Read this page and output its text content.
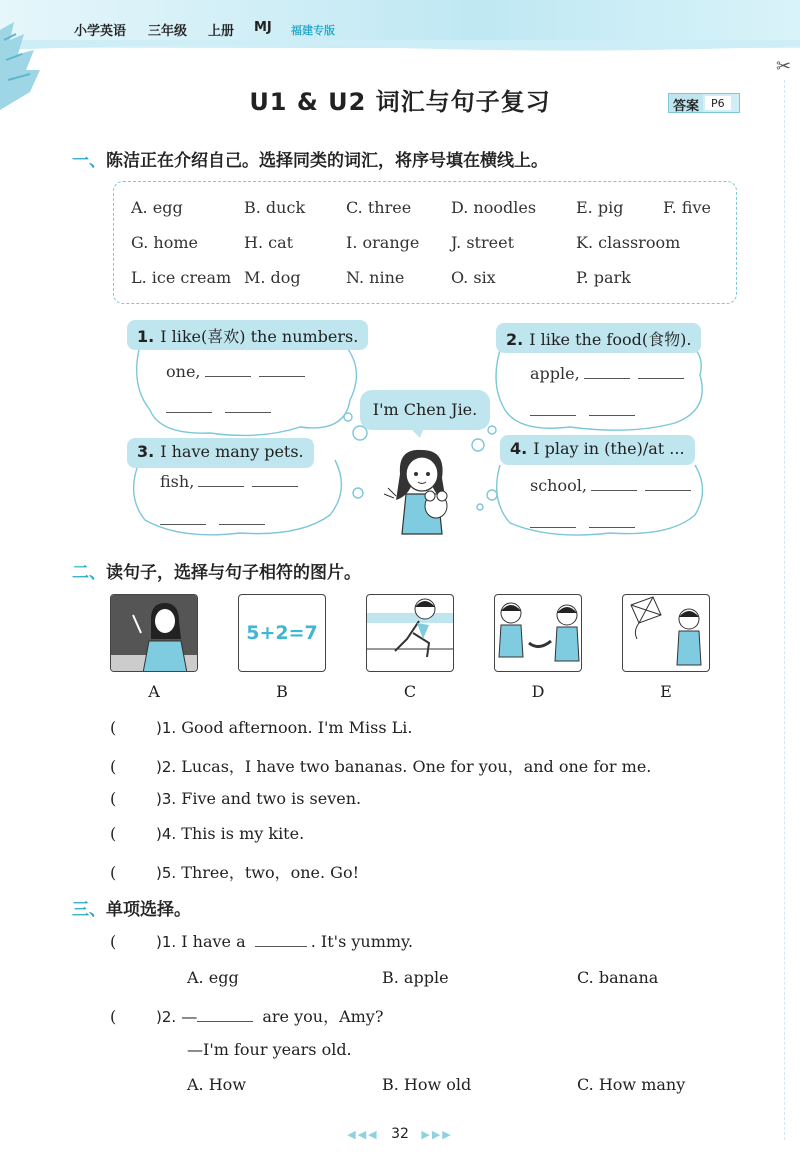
小学英语 三年级 上册 MJ 福建专版
✂
U1 & U2 词汇与句子复习	答案	P6
一、陈洁正在介绍自己。选择同类的词汇，将序号填在横线上。
A. egg	B. duck	C. three D. noodles E. pig F. five
G. home	H. cat	I. orange J. street	K. classroom
L. ice cream M. dog	N. nine	O. six	P. park
1. I like(喜欢) the numbers.
one,
2. I like the food(食物).
apple,
I'm Chen Jie.
3. I have many pets.
fish,
4. I play in (the)/at ...
school,
二、读句子，选择与句子相符的图片。
5+2=7
A	B	C	D	E
(	)1. Good afternoon. I'm Miss Li.
(	)2. Lucas，I have two bananas. One for you，and one for me.
(	)3. Five and two is seven.
(	)4. This is my kite.
(	)5. Three，two，one. Go!
三、单项选择。
(	)1. I have a	. It's yummy.
A. egg	B. apple	C. banana
(	)2. —	are you，Amy?
—I'm four years old.
A. How	B. How old	C. How many
◀◀◀ 32 ▶▶▶
